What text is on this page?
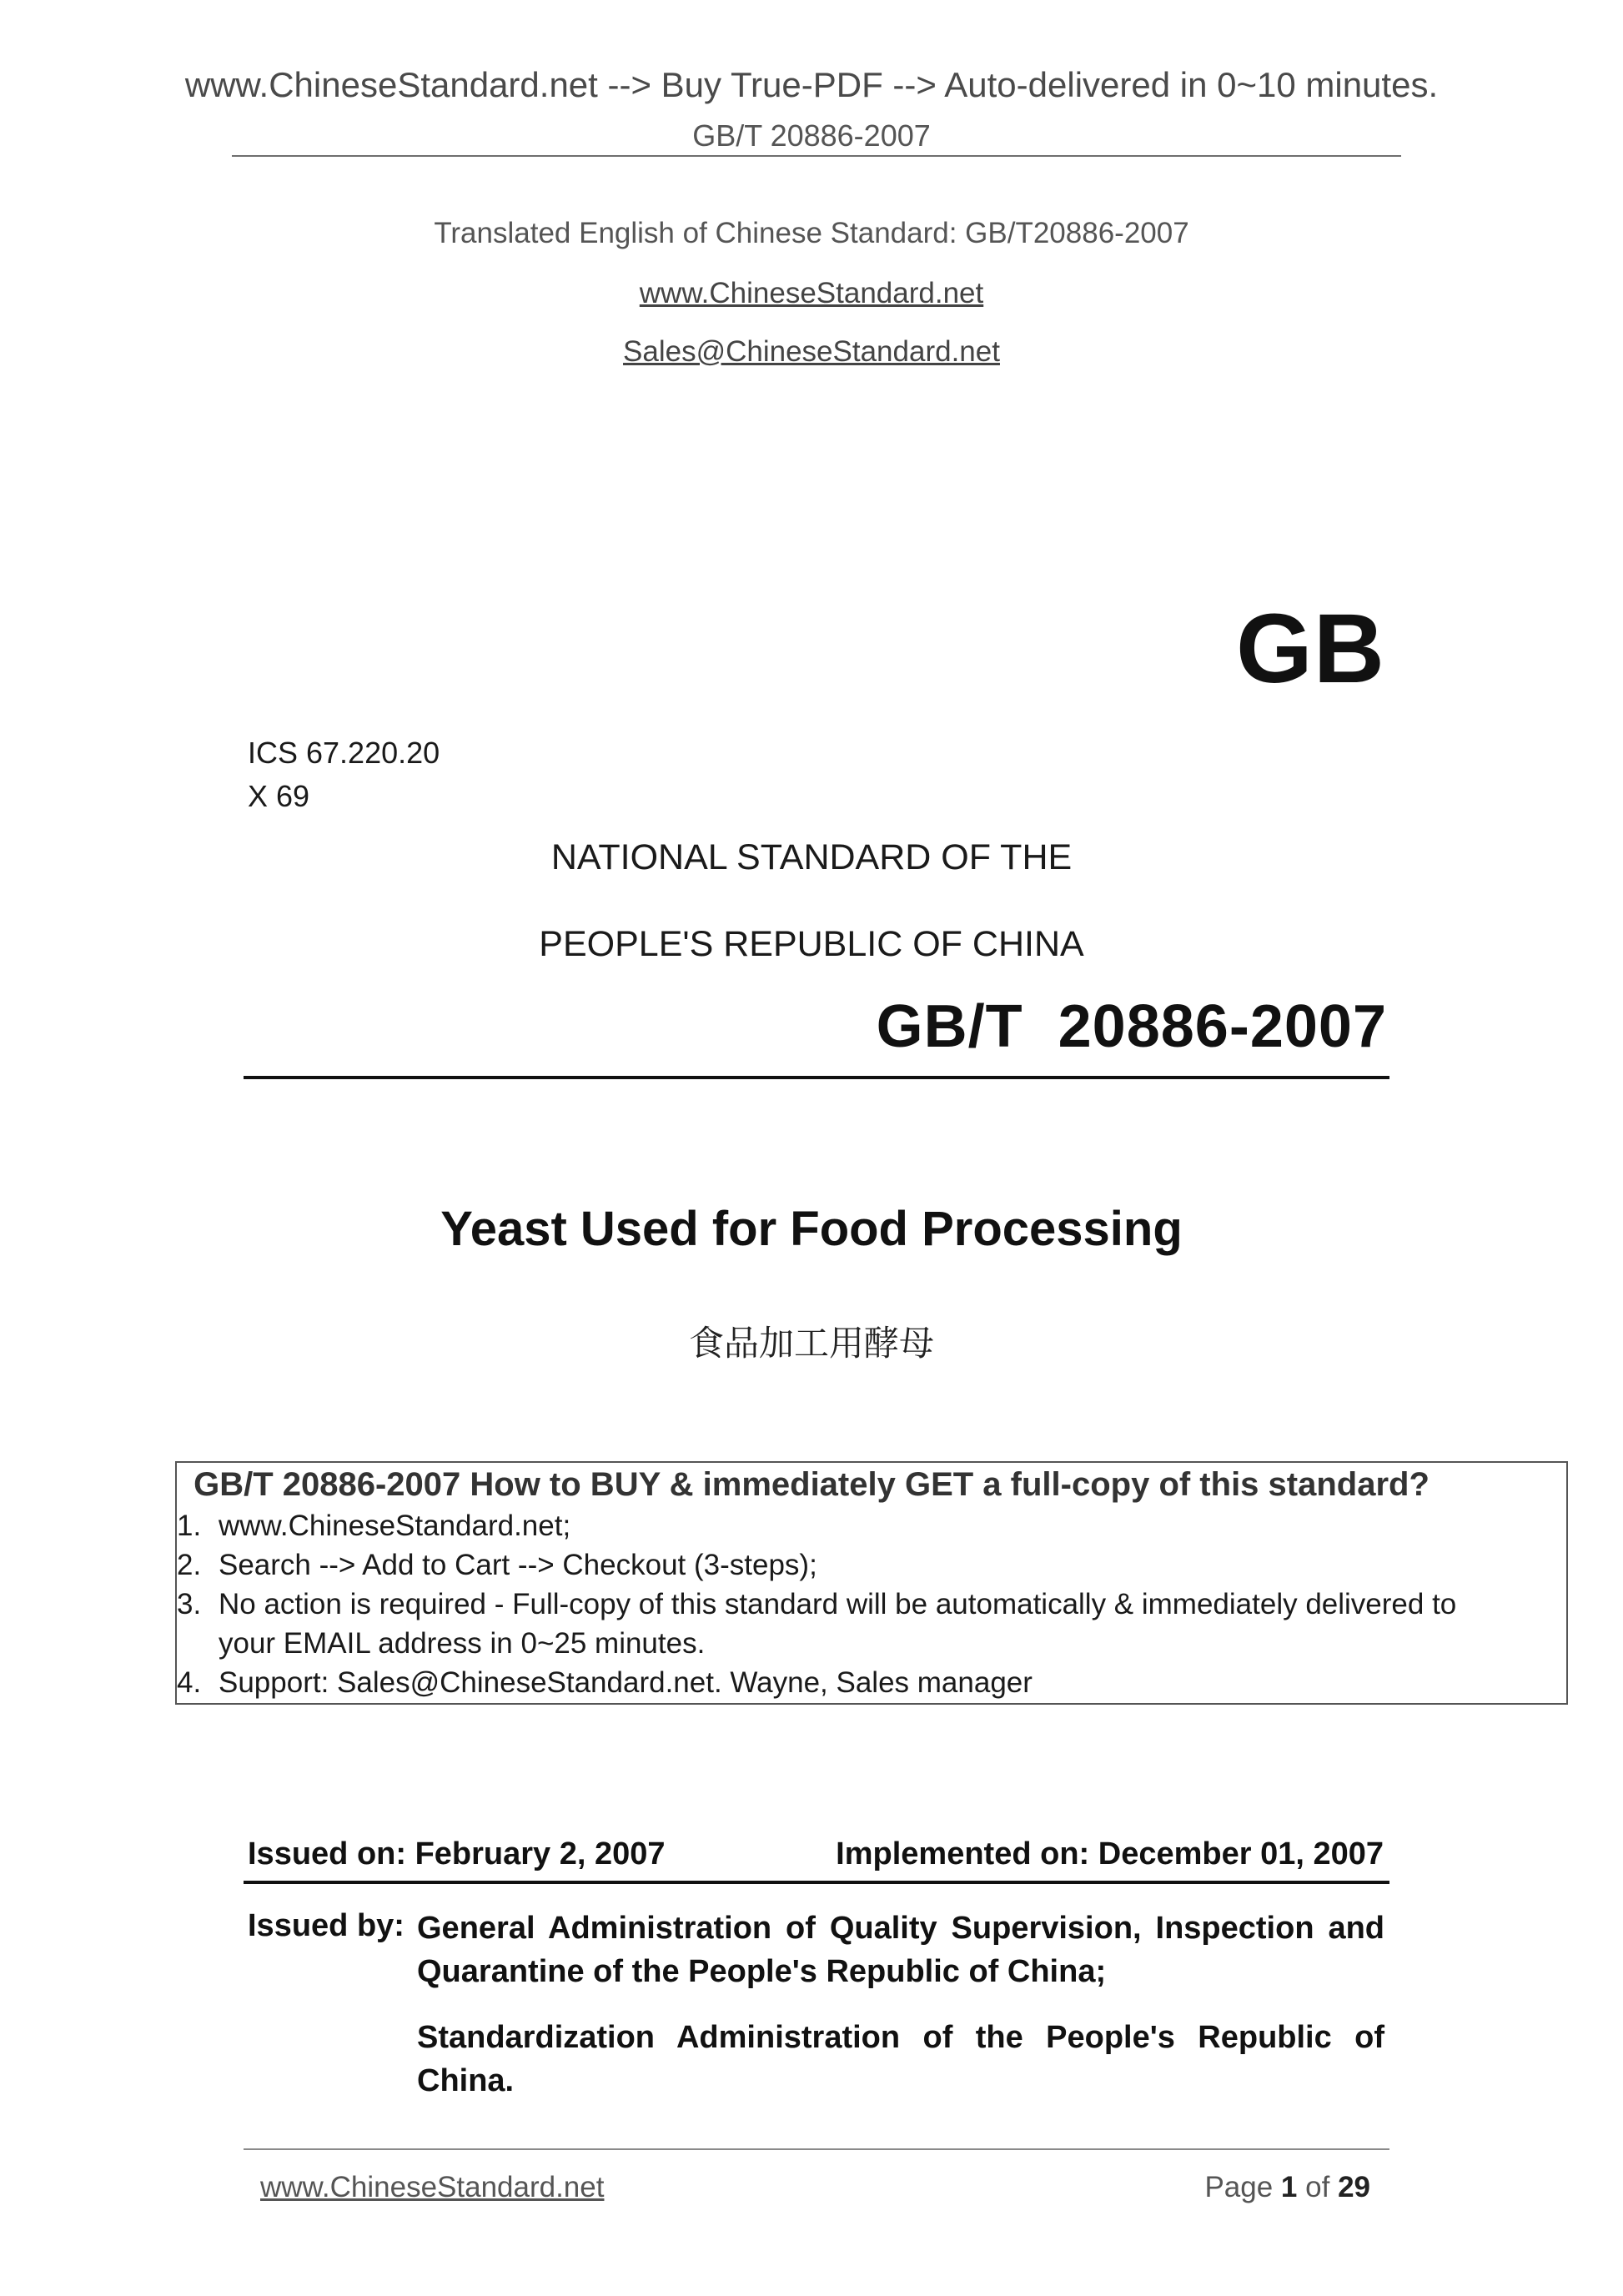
www.ChineseStandard.net --> Buy True-PDF --> Auto-delivered in 0~10 minutes.
GB/T 20886-2007
Translated English of Chinese Standard: GB/T20886-2007
www.ChineseStandard.net
Sales@ChineseStandard.net
GB
ICS 67.220.20
X 69
NATIONAL STANDARD OF THE
PEOPLE'S REPUBLIC OF CHINA
GB/T  20886-2007
Yeast Used for Food Processing
食品加工用酵母
GB/T 20886-2007 How to BUY & immediately GET a full-copy of this standard?
1. www.ChineseStandard.net;
2. Search --> Add to Cart --> Checkout (3-steps);
3. No action is required - Full-copy of this standard will be automatically & immediately delivered to
your EMAIL address in 0~25 minutes.
4. Support: Sales@ChineseStandard.net. Wayne, Sales manager
Issued on: February 2, 2007	Implemented on: December 01, 2007
Issued by: General Administration of Quality Supervision, Inspection and Quarantine of the People's Republic of China;
Standardization Administration of the People's Republic of China.
www.ChineseStandard.net	Page 1 of 29
